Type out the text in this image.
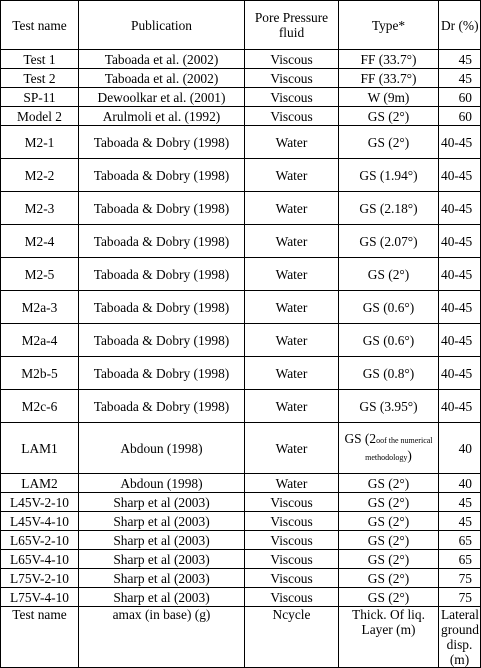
Test name	Publication	Pore Pressure fluid	Type*	Dr (%)
Test 1	Taboada et al. (2002)	Viscous	FF (33.7°)	45
Test 2	Taboada et al. (2002)	Viscous	FF (33.7°)	45
SP-11	Dewoolkar et al. (2001)	Viscous	W (9m)	60
Model 2	Arulmoli et al. (1992)	Viscous	GS (2°)	60
M2-1	Taboada & Dobry (1998)	Water	GS (2°)	40-45
M2-2	Taboada & Dobry (1998)	Water	GS (1.94°)	40-45
M2-3	Taboada & Dobry (1998)	Water	GS (2.18°)	40-45
M2-4	Taboada & Dobry (1998)	Water	GS (2.07°)	40-45
M2-5	Taboada & Dobry (1998)	Water	GS (2°)	40-45
M2a-3	Taboada & Dobry (1998)	Water	GS (0.6°)	40-45
M2a-4	Taboada & Dobry (1998)	Water	GS (0.6°)	40-45
M2b-5	Taboada & Dobry (1998)	Water	GS (0.8°)	40-45
M2c-6	Taboada & Dobry (1998)	Water	GS (3.95°)	40-45
LAM1	Abdoun (1998)	Water	GS (2oof the numerical methodology)	40
LAM2	Abdoun (1998)	Water	GS (2°)	40
L45V-2-10	Sharp et al (2003)	Viscous	GS (2°)	45
L45V-4-10	Sharp et al (2003)	Viscous	GS (2°)	45
L65V-2-10	Sharp et al (2003)	Viscous	GS (2°)	65
L65V-4-10	Sharp et al (2003)	Viscous	GS (2°)	65
L75V-2-10	Sharp et al (2003)	Viscous	GS (2°)	75
L75V-4-10	Sharp et al (2003)	Viscous	GS (2°)	75
Test name	amax (in base) (g)	Ncycle	Thick. Of liq. Layer (m)	Lateral ground disp. (m)
